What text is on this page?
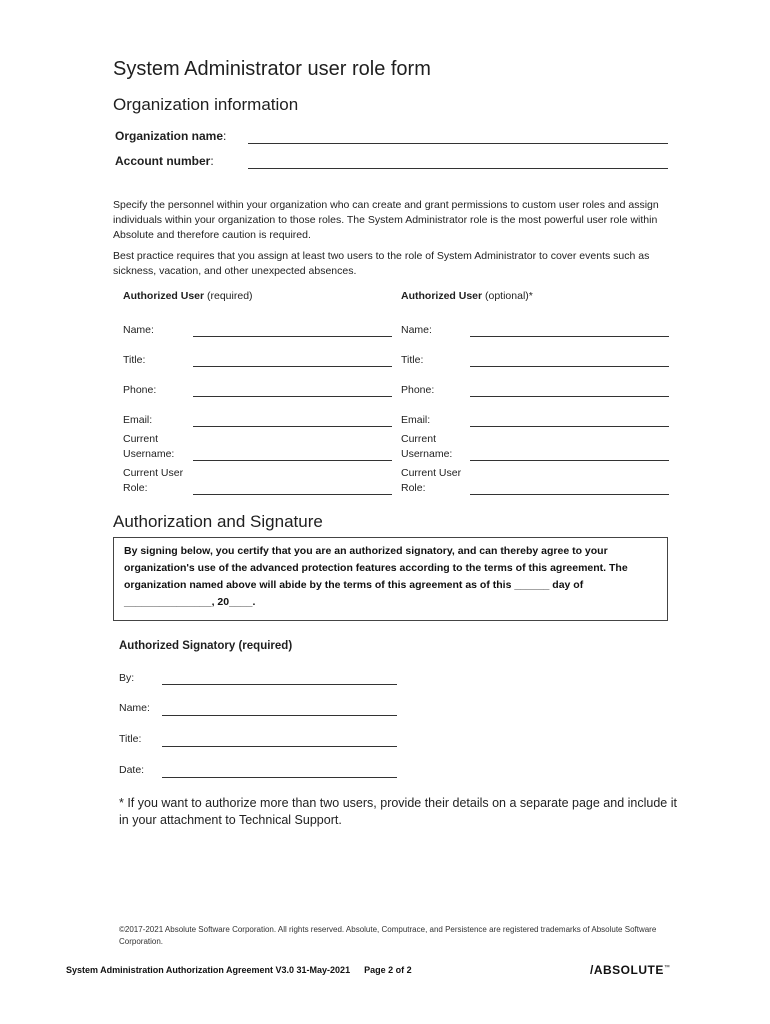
System Administrator user role form
Organization information
Organization name:
Account number:
Specify the personnel within your organization who can create and grant permissions to custom user roles and assign individuals within your organization to those roles. The System Administrator role is the most powerful user role within Absolute and therefore caution is required.
Best practice requires that you assign at least two users to the role of System Administrator to cover events such as sickness, vacation, and other unexpected absences.
Authorized User (required)	Authorized User (optional)*
Name:
Title:
Phone:
Email:
Current Username:
Current User Role:
Name:
Title:
Phone:
Email:
Current Username:
Current User Role:
Authorization and Signature
By signing below, you certify that you are an authorized signatory, and can thereby agree to your organization's use of the advanced protection features according to the terms of this agreement. The organization named above will abide by the terms of this agreement as of this ______ day of _______________, 20____.
Authorized Signatory (required)
By:
Name:
Title:
Date:
* If you want to authorize more than two users, provide their details on a separate page and include it in your attachment to Technical Support.
©2017-2021 Absolute Software Corporation. All rights reserved. Absolute, Computrace, and Persistence are registered trademarks of Absolute Software Corporation.
System Administration Authorization Agreement V3.0 31-May-2021 Page 2 of 2	/ABSOLUTE™
